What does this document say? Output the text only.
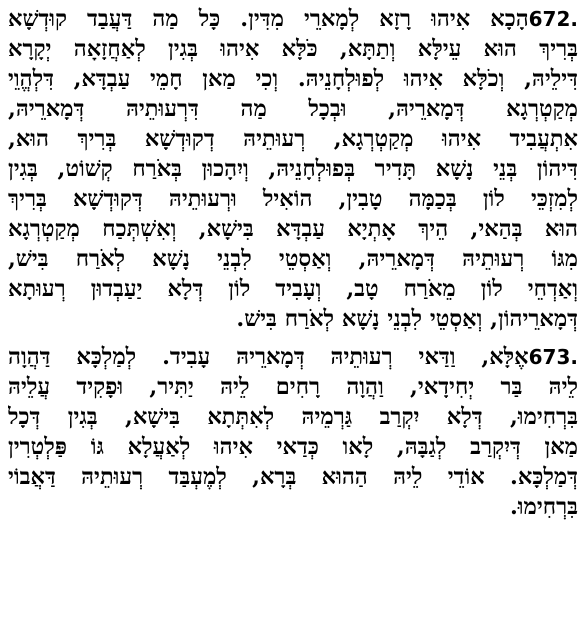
672.הָכָא אִיהוּ רָזָא לְמָארֵי מִדִּין. כָּל מַה דַּעֲבַד קוּדְשָׁא
בְּרִיךְ הוּא עֵילָּא וְתַתָּא, כֹּלָּא אִיהוּ בְּגִין לְאַחֲזָאָה יְקָרָא
דִּילֵיהּ, וְכֹלָּא אִיהוּ לְפוּלְחָנֵיהּ. וְכִי מַאן חָמֵי עַבְדָּא, דִּלְהֱוֵי
מְקַטְרְגָא דְּמָארֵיהּ, וּבְכָל מַה דִּרְעוּתֵיהּ דְּמָארֵיהּ,
אִתְעֲבִיד אִיהוּ מְקַטְרְגָא, רְעוּתֵיהּ דְקוּדְשָׁא בְּרִיךְ הוּא,
דִּיהוֹן בְּנֵי נָשָׁא תָּדִיר בְּפוּלְחָנֵיהּ, וְיִהָכוּן בְּאֹרַח קְשׁוֹט, בְּגִין
לְמִזְכֵּי לוֹן בְּכַמָּה טָבִין, הוֹאִיל וּרְעוּתֵיהּ דְּקוּדְשָׁא בְּרִיךְ
הוּא בְּהַאי, הֵיךְ אָתְיָא עַבְדָּא בִּישָׁא, וְאִשְׁתְּכַח מְקַטְרְגָא
מִגּוֹ רְעוּתֵיהּ דְּמָארֵיהּ, וְאַסְטֵי לִבְנֵי נָשָׁא לְאֹרַח בִּישׁ,
וְאַדְחֵי לוֹן מֵאֹרַח טָב, וְעָבִיד לוֹן דְּלָא יַעַבְדוּן רְעוּתָא
דְּמָארֵיהוֹן, וְאַסְטֵי לִבְנֵי נָשָׁא לְאֹרַח בִּישׁ.
673.אֶלָּא, וַדַּאי רְעוּתֵיהּ דְּמָארֵיהּ עָבִיד. לְמַלְכָּא דַּהֲוָה
לֵיהּ בַּר יְחִידָאי, וַהֲוָה רָחִים לֵיהּ יַתִּיר, וּפָקִיד עֲלֵיהּ
בִּרְחִימוּ, דְּלָא יִקְרַב גַּרְמֵיהּ לְאִתְּתָא בִּישָׁא, בְּגִין דְּכָל
מַאן דְּיִקְרַב לְגַבָּהּ, לָאו כְּדַאי אִיהוּ לְאַעֲלָא גּוֹ פַּלְטְרִין
דְּמַלְכָּא. אוֹדֵי לֵיהּ הַהוּא בְּרָא, לְמֶעְבַּד רְעוּתֵיהּ דַּאֲבוֹי
בִּרְחִימוּ.
